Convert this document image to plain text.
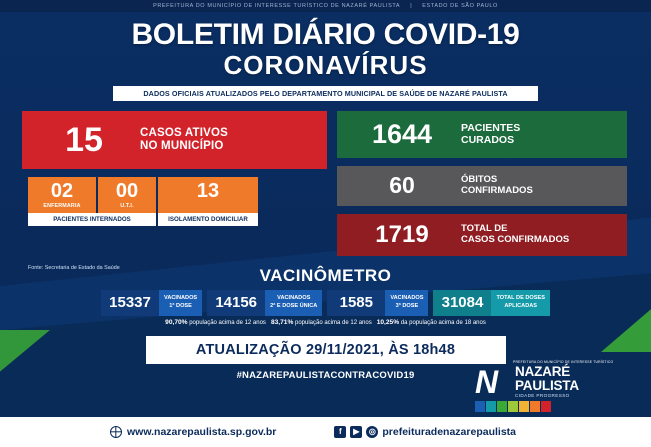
PREFEITURA DO MUNICÍPIO DE INTERESSE TURÍSTICO DE NAZARÉ PAULISTA | ESTADO DE SÃO PAULO
BOLETIM DIÁRIO COVID-19
CORONAVÍRUS
DADOS OFICIAIS ATUALIZADOS PELO DEPARTAMENTO MUNICIPAL DE SAÚDE DE NAZARÉ PAULISTA
15	CASOS ATIVOS
NO MUNICÍPIO
02
ENFERMARIA
00
U.T.I.
13
PACIENTES INTERNADOS	ISOLAMENTO DOMICILIAR
1644	PACIENTES
CURADOS
60	ÓBITOS
CONFIRMADOS
1719	TOTAL DE
CASOS CONFIRMADOS
Fonte: Secretaria de Estado da Saúde	VACINÔMETRO
15337	VACINADOS
1ª DOSE	14156	VACINADOS
2ª E DOSE ÚNICA	1585	VACINADOS
3ª DOSE	31084	TOTAL DE DOSES
APLICADAS
90,70% população acima de 12 anos 83,71% população acima de 12 anos 10,25% da população acima de 18 anos
ATUALIZAÇÃO 29/11/2021, ÀS 18h48
#NAZAREPAULISTACONTRACOVID19
PREFEITURA DO MUNICÍPIO DE INTERESSE TURÍSTICO
N	NAZARÉ
PAULISTA
CIDADE PROGRESSO
www.nazarepaulista.sp.gov.br	f	▶	◎ prefeituradenazarepaulista
